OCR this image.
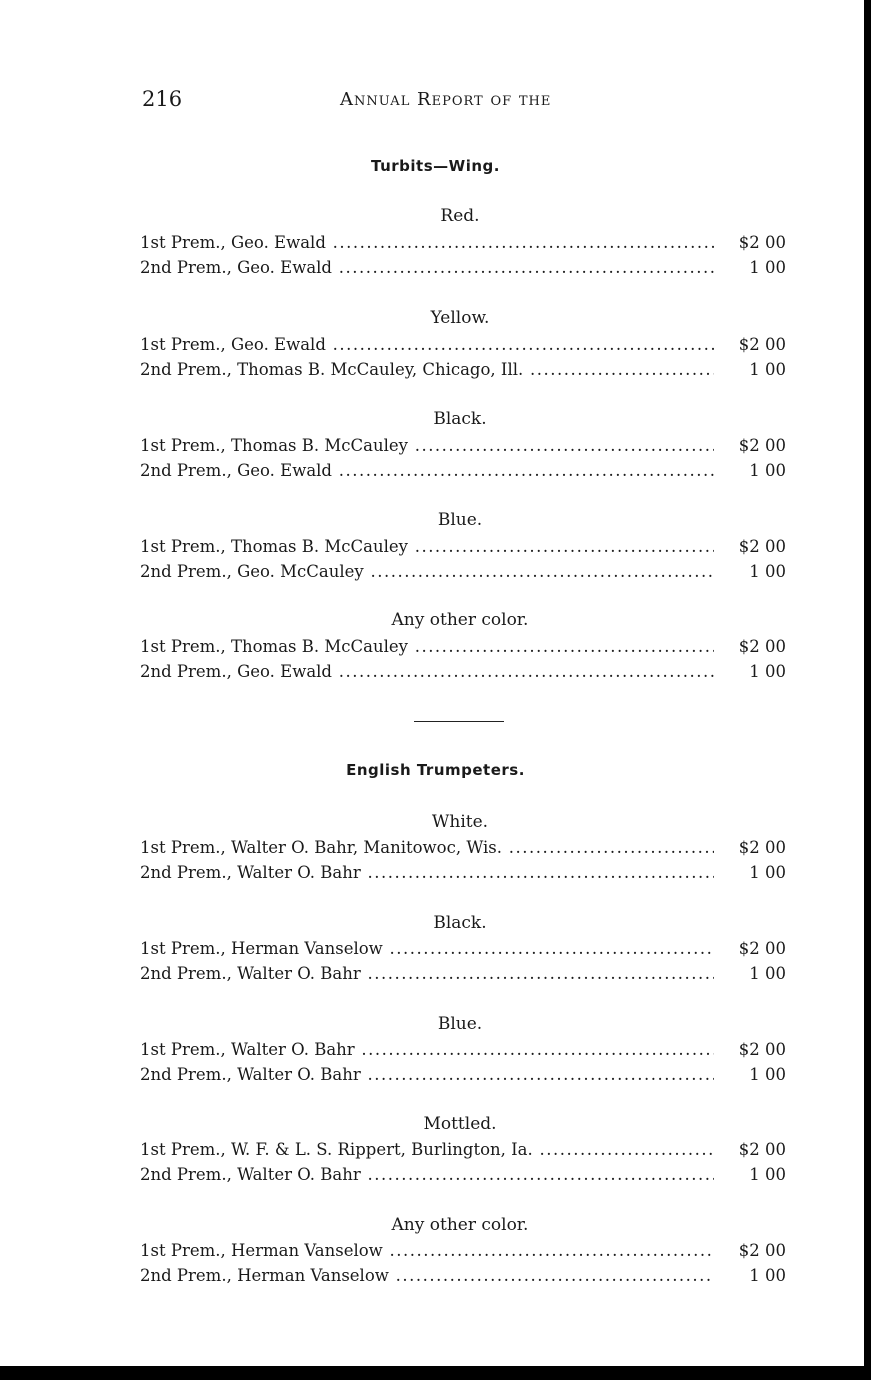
216	Annual Report of the
Turbits—Wing.
Red.
1st Prem., Geo. Ewald .....	$2 00
2nd Prem., Geo. Ewald .....	1 00
Yellow.
1st Prem., Geo. Ewald .....	$2 00
2nd Prem., Thomas B. McCauley, Chicago, Ill. .....	1 00
Black.
1st Prem., Thomas B. McCauley .....	$2 00
2nd Prem., Geo. Ewald .....	1 00
Blue.
1st Prem., Thomas B. McCauley .....	$2 00
2nd Prem., Geo. McCauley .....	1 00
Any other color.
1st Prem., Thomas B. McCauley .....	$2 00
2nd Prem., Geo. Ewald .....	1 00
English Trumpeters.
White.
1st Prem., Walter O. Bahr, Manitowoc, Wis. .....	$2 00
2nd Prem., Walter O. Bahr .....	1 00
Black.
1st Prem., Herman Vanselow .....	$2 00
2nd Prem., Walter O. Bahr .....	1 00
Blue.
1st Prem., Walter O. Bahr .....	$2 00
2nd Prem., Walter O. Bahr .....	1 00
Mottled.
1st Prem., W. F. & L. S. Rippert, Burlington, Ia. .....	$2 00
2nd Prem., Walter O. Bahr .....	1 00
Any other color.
1st Prem., Herman Vanselow .....	$2 00
2nd Prem., Herman Vanselow .....	1 00
